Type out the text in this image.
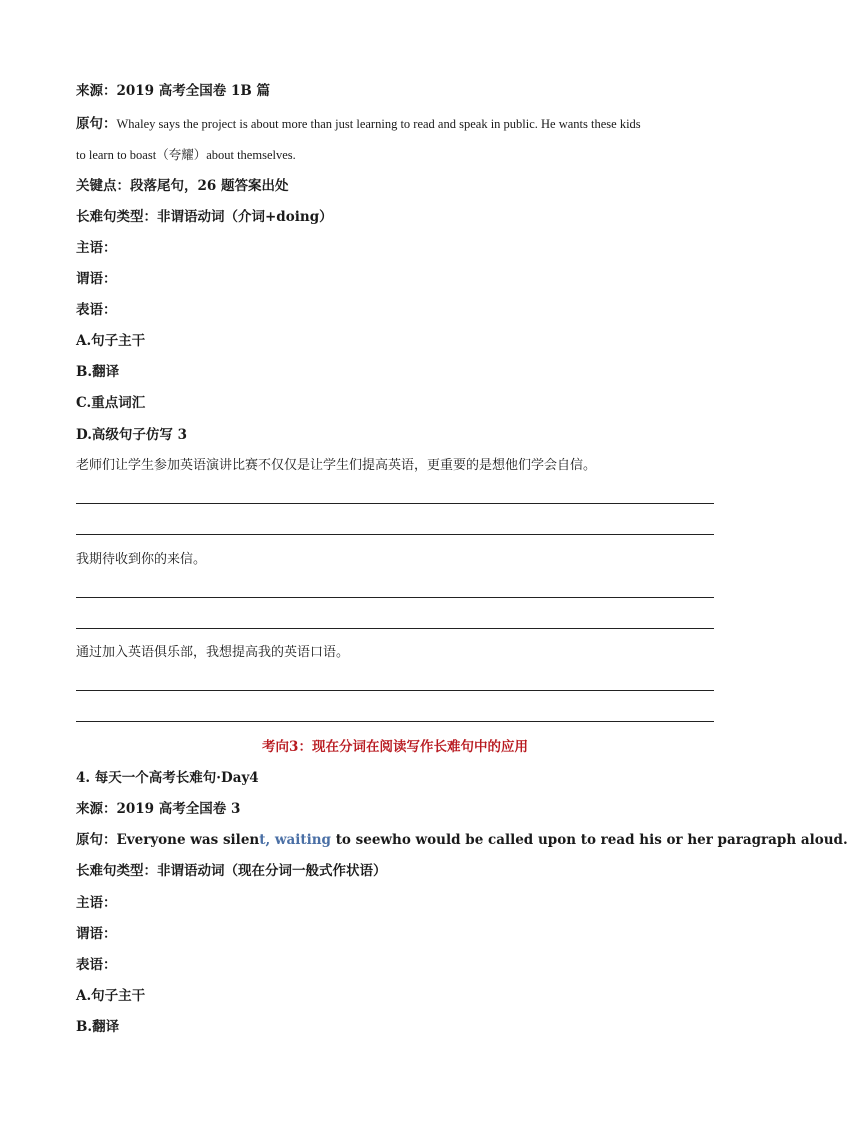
来源：2019 高考全国卷 1B 篇
原句：Whaley says the project is about more than just learning to read and speak in public. He wants these kids
to learn to boast（夸耀）about themselves.
关键点：段落尾句，26 题答案出处
长难句类型：非谓语动词（介词+doing）
主语：
谓语：
表语：
A.句子主干
B.翻译
C.重点词汇
D.高级句子仿写 3
老师们让学生参加英语演讲比赛不仅仅是让学生们提高英语，更重要的是想他们学会自信。
我期待收到你的来信。
通过加入英语俱乐部，我想提高我的英语口语。
考向3：现在分词在阅读写作长难句中的应用
4. 每天一个高考长难句·Day4
来源：2019 高考全国卷 3
原句：Everyone was silent, waiting to seewho would be called upon to read his or her paragraph aloud.
长难句类型：非谓语动词（现在分词一般式作状语）
主语：
谓语：
表语：
A.句子主干
B.翻译
